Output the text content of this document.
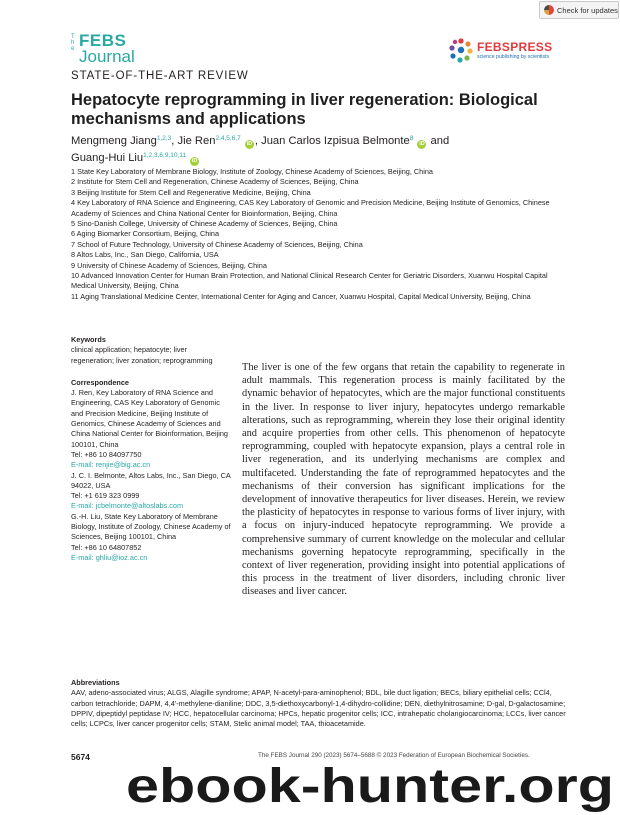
Check for updates
The FEBS
Journal	FEBSPRESS
science publishing by scientists
STATE-OF-THE-ART REVIEW
Hepatocyte reprogramming in liver regeneration: Biological mechanisms and applications
Mengmeng Jiang$^{1,2,3}$, Jie Ren$^{2,4,5,6,7}$ iD , Juan Carlos Izpisua Belmonte$^8$ iD and
Guang-Hui Liu$^{1,2,3,6,9,10,11}$ iD
1 State Key Laboratory of Membrane Biology, Institute of Zoology, Chinese Academy of Sciences, Beijing, China
2 Institute for Stem Cell and Regeneration, Chinese Academy of Sciences, Beijing, China
3 Beijing Institute for Stem Cell and Regenerative Medicine, Beijing, China
4 Key Laboratory of RNA Science and Engineering, CAS Key Laboratory of Genomic and Precision Medicine, Beijing Institute of Genomics, Chinese Academy of Sciences and China National Center for Bioinformation, Beijing, China
5 Sino-Danish College, University of Chinese Academy of Sciences, Beijing, China
6 Aging Biomarker Consortium, Beijing, China
7 School of Future Technology, University of Chinese Academy of Sciences, Beijing, China
8 Altos Labs, Inc., San Diego, California, USA
9 University of Chinese Academy of Sciences, Beijing, China
10 Advanced Innovation Center for Human Brain Protection, and National Clinical Research Center for Geriatric Disorders, Xuanwu Hospital Capital Medical University, Beijing, China
11 Aging Translational Medicine Center, International Center for Aging and Cancer, Xuanwu Hospital, Capital Medical University, Beijing, China

Keywords

clinical application; hepatocyte; liver regeneration; liver zonation; reprogramming

Correspondence

J. Ren, Key Laboratory of RNA Science and Engineering, CAS Key Laboratory of Genomic and Precision Medicine, Beijing Institute of Genomics, Chinese Academy of Sciences and China National Center for Bioinformation, Beijing 100101, China

Tel: +86 10 84097750

E-mail: renjie@big.ac.cn

J. C. I. Belmonte, Altos Labs, Inc., San Diego, CA 94022, USA

Tel: +1 619 323 0999

E-mail: jcbelmonte@altoslabs.com

G.-H. Liu, State Key Laboratory of Membrane Biology, Institute of Zoology, Chinese Academy of Sciences, Beijing 100101, China

Tel: +86 10 64807852

E-mail: ghliu@ioz.ac.cn

The liver is one of the few organs that retain the capability to regenerate in adult mammals. This regeneration process is mainly facilitated by the dynamic behavior of hepatocytes, which are the major functional constituents in the liver. In response to liver injury, hepatocytes undergo remarkable alterations, such as reprogramming, wherein they lose their original identity and acquire properties from other cells. This phenomenon of hepatocyte reprogramming, coupled with hepatocyte expansion, plays a central role in liver regeneration, and its underlying mechanisms are complex and multifaceted. Understanding the fate of reprogrammed hepatocytes and the mechanisms of their conversion has significant implications for the development of innovative therapeutics for liver diseases. Herein, we review the plasticity of hepatocytes in response to various forms of liver injury, with a focus on injury-induced hepatocyte reprogramming. We provide a comprehensive summary of current knowledge on the molecular and cellular mechanisms governing hepatocyte reprogramming, specifically in the context of liver regeneration, providing insight into potential applications of this process in the treatment of liver disorders, including chronic liver diseases and liver cancer.

Abbreviations

AAV, adeno-associated virus; ALGS, Alagille syndrome; APAP, N-acetyl-para-aminophenol; BDL, bile duct ligation; BECs, biliary epithelial cells; CCl4, carbon tetrachloride; DAPM, 4,4′-methylene-dianiline; DDC, 3,5-diethoxycarbonyl-1,4-dihydro-collidine; DEN, diethylnitrosamine; D-gal, D-galactosamine; DPPIV, dipeptidyl peptidase IV; HCC, hepatocellular carcinoma; HPCs, hepatic progenitor cells; ICC, intrahepatic cholangiocarcinoma; LCCs, liver cancer cells; LCPCs, liver cancer progenitor cells; STAM, Stelic animal model; TAA, thioacetamide.

5674	The FEBS Journal 290 (2023) 5674–5688 © 2023 Federation of European Biochemical Societies.
ebook-hunter.org
